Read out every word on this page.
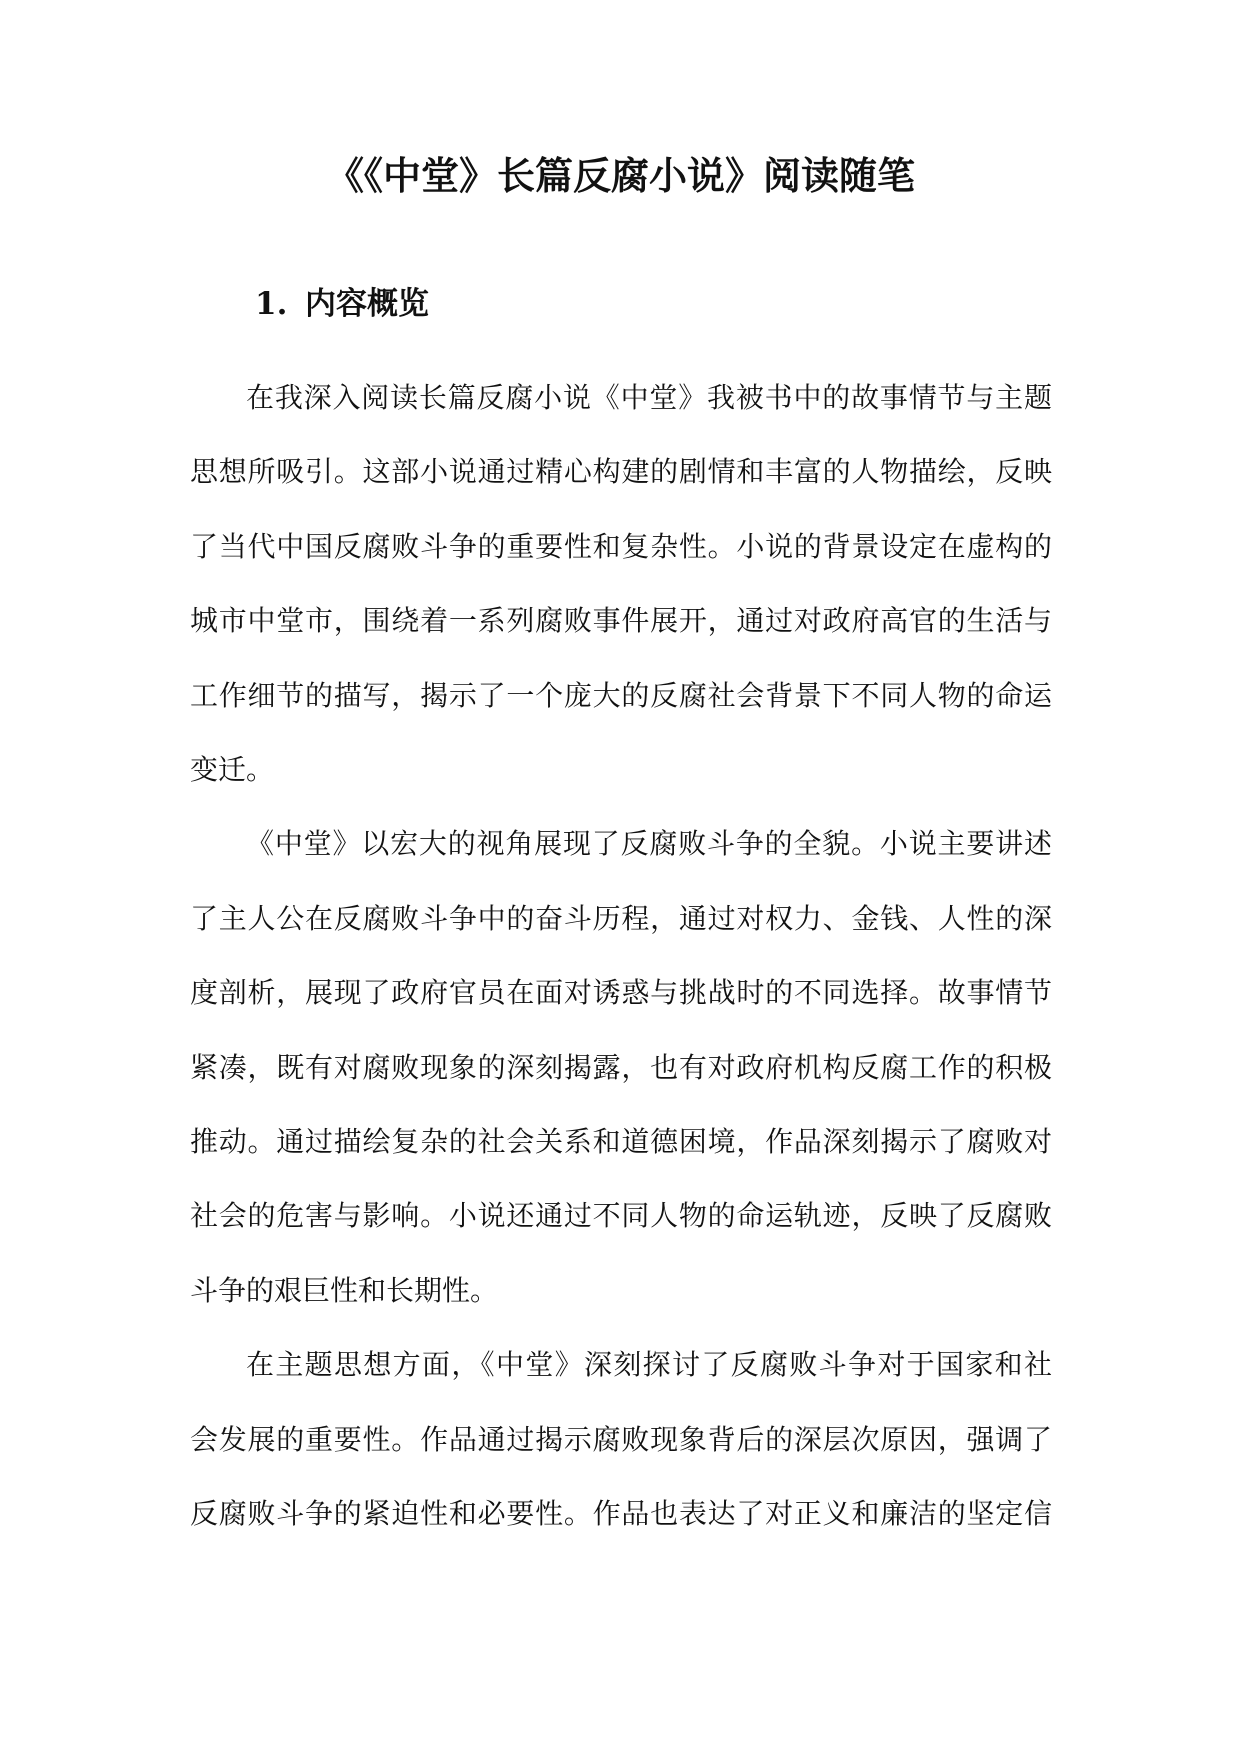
《《中堂》长篇反腐小说》阅读随笔
1. 内容概览

在我深入阅读长篇反腐小说《中堂》我被书中的故事情节与主题
思想所吸引。这部小说通过精心构建的剧情和丰富的人物描绘，反映
了当代中国反腐败斗争的重要性和复杂性。小说的背景设定在虚构的
城市中堂市，围绕着一系列腐败事件展开，通过对政府高官的生活与
工作细节的描写，揭示了一个庞大的反腐社会背景下不同人物的命运
变迁。

《中堂》以宏大的视角展现了反腐败斗争的全貌。小说主要讲述
了主人公在反腐败斗争中的奋斗历程，通过对权力、金钱、人性的深
度剖析，展现了政府官员在面对诱惑与挑战时的不同选择。故事情节
紧凑，既有对腐败现象的深刻揭露，也有对政府机构反腐工作的积极
推动。通过描绘复杂的社会关系和道德困境，作品深刻揭示了腐败对
社会的危害与影响。小说还通过不同人物的命运轨迹，反映了反腐败
斗争的艰巨性和长期性。

在主题思想方面，《中堂》深刻探讨了反腐败斗争对于国家和社
会发展的重要性。作品通过揭示腐败现象背后的深层次原因，强调了
反腐败斗争的紧迫性和必要性。作品也表达了对正义和廉洁的坚定信
